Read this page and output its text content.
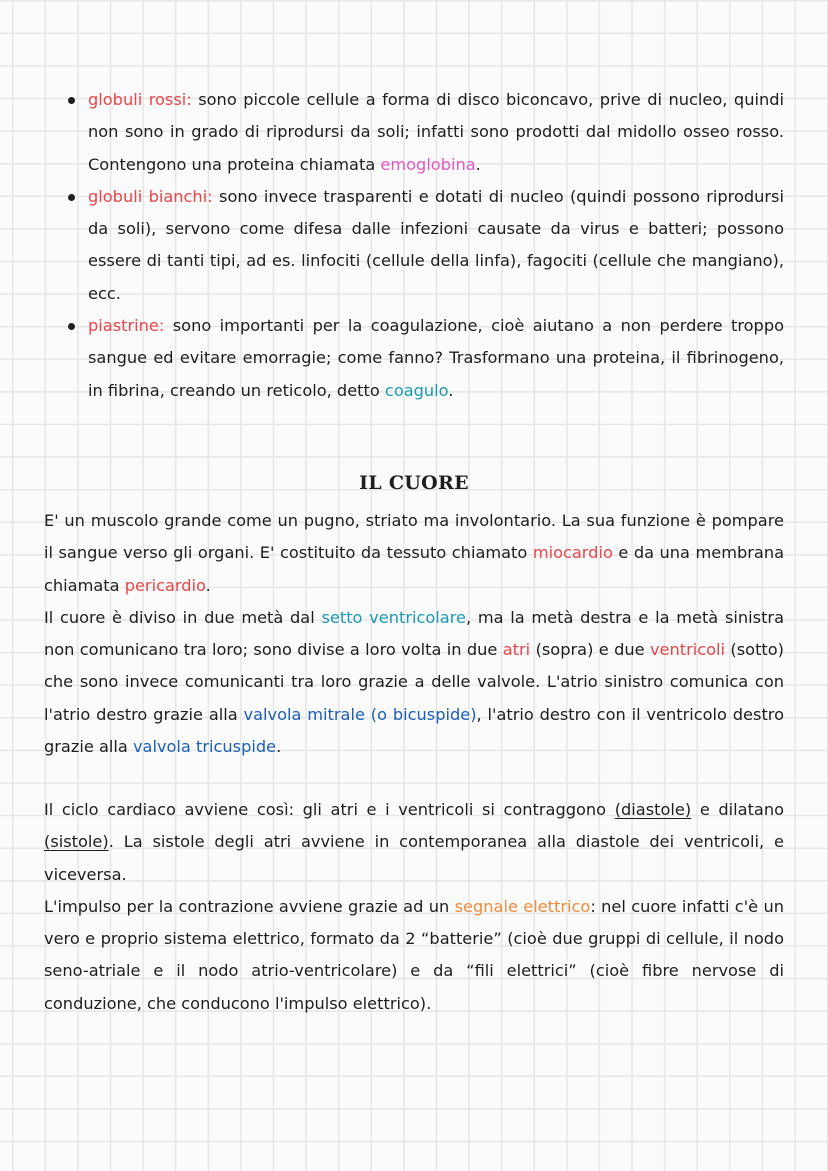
globuli rossi: sono piccole cellule a forma di disco biconcavo, prive di nucleo, quindi non sono in grado di riprodursi da soli; infatti sono prodotti dal midollo osseo rosso. Contengono una proteina chiamata emoglobina.
globuli bianchi: sono invece trasparenti e dotati di nucleo (quindi possono riprodursi da soli), servono come difesa dalle infezioni causate da virus e batteri; possono essere di tanti tipi, ad es. linfociti (cellule della linfa), fagociti (cellule che mangiano), ecc.
piastrine: sono importanti per la coagulazione, cioè aiutano a non perdere troppo sangue ed evitare emorragie; come fanno? Trasformano una proteina, il fibrinogeno, in fibrina, creando un reticolo, detto coagulo.
IL CUORE

E' un muscolo grande come un pugno, striato ma involontario. La sua funzione è pompare il sangue verso gli organi. E' costituito da tessuto chiamato miocardio e da una membrana chiamata pericardio.

Il cuore è diviso in due metà dal setto ventricolare, ma la metà destra e la metà sinistra non comunicano tra loro; sono divise a loro volta in due atri (sopra) e due ventricoli (sotto) che sono invece comunicanti tra loro grazie a delle valvole. L'atrio sinistro comunica con l'atrio destro grazie alla valvola mitrale (o bicuspide), l'atrio destro con il ventricolo destro grazie alla valvola tricuspide.

Il ciclo cardiaco avviene così: gli atri e i ventricoli si contraggono (diastole) e dilatano (sistole). La sistole degli atri avviene in contemporanea alla diastole dei ventricoli, e viceversa.

L'impulso per la contrazione avviene grazie ad un segnale elettrico: nel cuore infatti c'è un vero e proprio sistema elettrico, formato da 2 “batterie” (cioè due gruppi di cellule, il nodo seno-atriale e il nodo atrio-ventricolare) e da “fili elettrici” (cioè fibre nervose di conduzione, che conducono l'impulso elettrico).
